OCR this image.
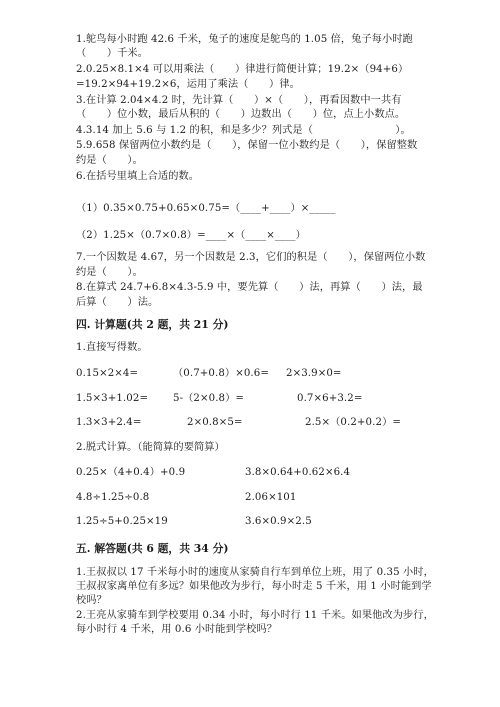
1.鸵鸟每小时跑 42.6 千米，兔子的速度是鸵鸟的 1.05 倍，兔子每小时跑
（　　）千米。
2.0.25×8.1×4 可以用乘法（　　）律进行简便计算；19.2×（94+6）
=19.2×94+19.2×6，运用了乘法（　　）律。
3.在计算 2.04×4.2 时，先计算（　　）×（　　），再看因数中一共有
（　　）位小数，最后从积的（　　）边数出（　　）位，点上小数点。
4.3.14 加上 5.6 与 1.2 的积，和是多少？列式是（　　　　　　　　）。
5.9.658 保留两位小数约是（　　），保留一位小数约是（　　），保留整数
约是（　　）。
6.在括号里填上合适的数。
（1）0.35×0.75+0.65×0.75=（____+____）×_____
（2）1.25×（0.7×0.8）=____×（____×____）
7.一个因数是 4.67，另一个因数是 2.3，它们的积是（　　），保留两位小数
约是（　　）。
8.在算式 24.7+6.8×4.3-5.9 中，要先算（　　）法，再算（　　）法，最
后算（　　）法。
四. 计算题(共 2 题，共 21 分)
1.直接写得数。
0.15×2×4=	（0.7+0.8）×0.6= 2×3.9×0=
1.5×3+1.02= 5-（2×0.8）=	0.7×6+3.2=
1.3×3+2.4=	2×0.8×5=	2.5×（0.2+0.2）=
2.脱式计算。（能简算的要简算）
0.25×（4+0.4）+0.9	3.8×0.64+0.62×6.4
4.8÷1.25÷0.8	2.06×101
1.25÷5+0.25×19	3.6×0.9×2.5
五. 解答题(共 6 题，共 34 分)
1.王叔叔以 17 千米每小时的速度从家骑自行车到单位上班，用了 0.35 小时，
王叔叔家离单位有多远？如果他改为步行，每小时走 5 千米，用 1 小时能到学
校吗？
2.王亮从家骑车到学校要用 0.34 小时，每小时行 11 千米。如果他改为步行，
每小时行 4 千米，用 0.6 小时能到学校吗？
